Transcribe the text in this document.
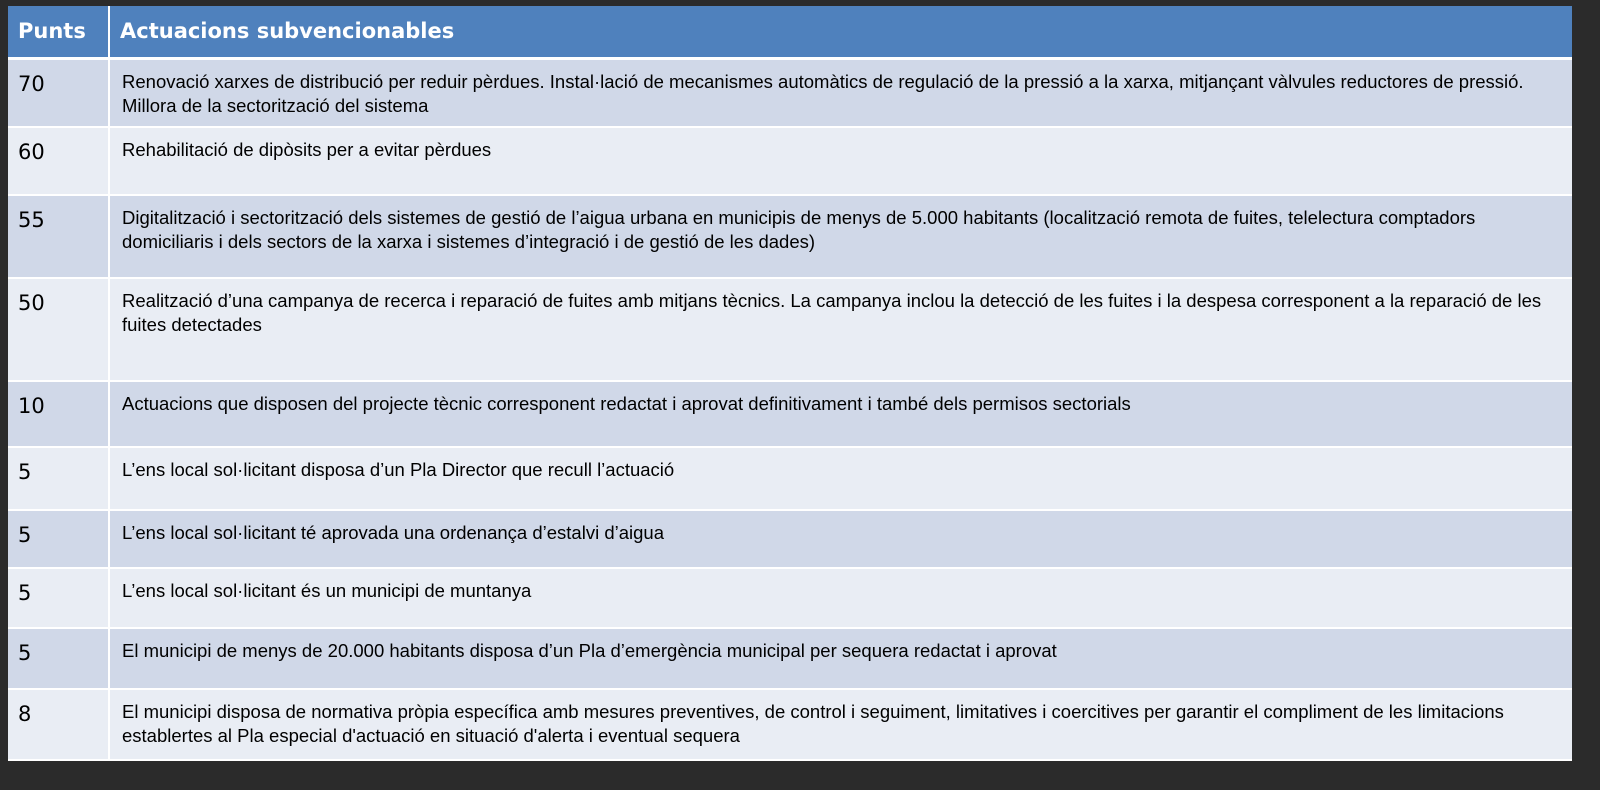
Punts	Actuacions subvencionables
70	Renovació xarxes de distribució per reduir pèrdues. Instal·lació de mecanismes automàtics de regulació de la pressió a la xarxa, mitjançant vàlvules reductores de pressió. Millora de la sectorització del sistema
60	Rehabilitació de dipòsits per a evitar pèrdues
55	Digitalització i sectorització dels sistemes de gestió de l’aigua urbana en municipis de menys de 5.000 habitants (localització remota de fuites, telelectura comptadors domiciliaris i dels sectors de la xarxa i sistemes d’integració i de gestió de les dades)
50	Realització d’una campanya de recerca i reparació de fuites amb mitjans tècnics. La campanya inclou la detecció de les fuites i la despesa corresponent a la reparació de les fuites detectades
10	Actuacions que disposen del projecte tècnic corresponent redactat i aprovat definitivament i també dels permisos sectorials
5	L’ens local sol·licitant disposa d’un Pla Director que recull l’actuació
5	L’ens local sol·licitant té aprovada una ordenança d’estalvi d’aigua
5	L’ens local sol·licitant és un municipi de muntanya
5	El municipi de menys de 20.000 habitants disposa d’un Pla d’emergència municipal per sequera redactat i aprovat
8	El municipi disposa de normativa pròpia específica amb mesures preventives, de control i seguiment, limitatives i coercitives per garantir el compliment de les limitacions establertes al Pla especial d'actuació en situació d'alerta i eventual sequera
